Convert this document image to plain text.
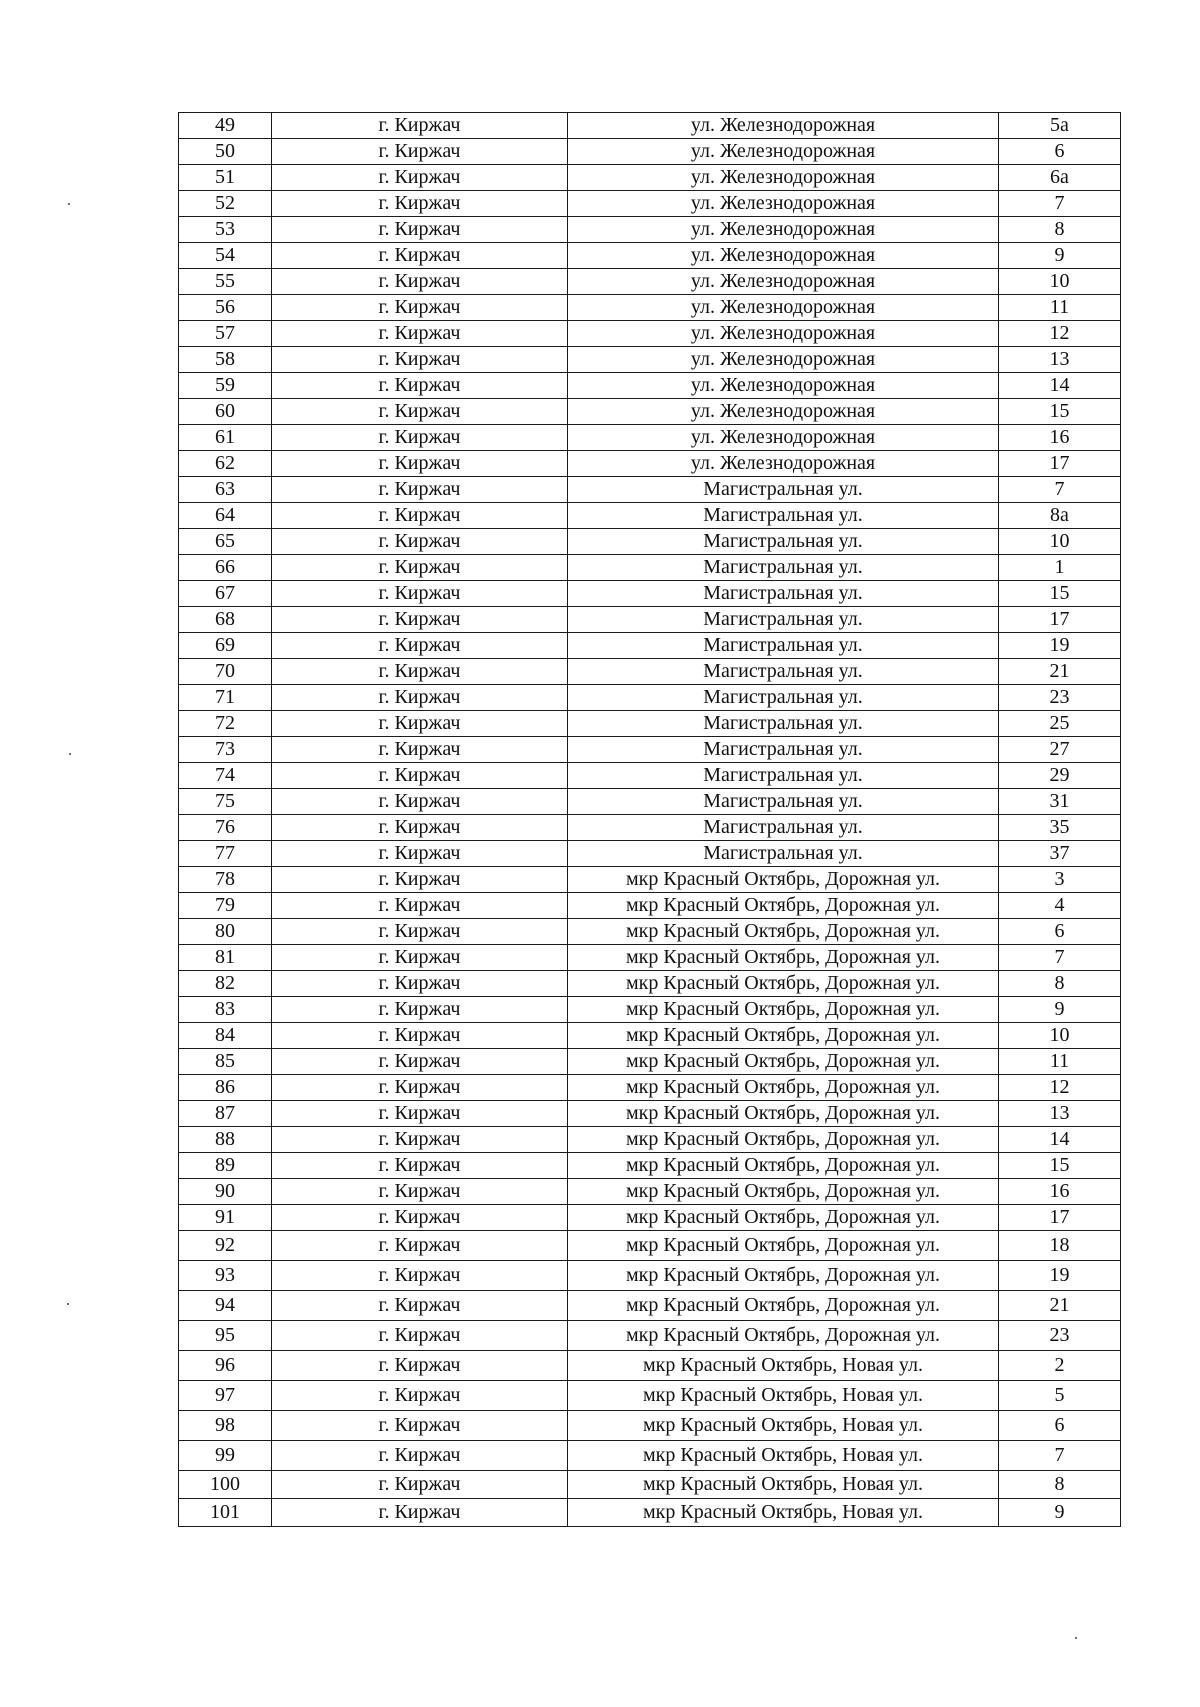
49	г. Киржач	ул. Железнодорожная	5а
50	г. Киржач	ул. Железнодорожная	6
51	г. Киржач	ул. Железнодорожная	6а
52	г. Киржач	ул. Железнодорожная	7
53	г. Киржач	ул. Железнодорожная	8
54	г. Киржач	ул. Железнодорожная	9
55	г. Киржач	ул. Железнодорожная	10
56	г. Киржач	ул. Железнодорожная	11
57	г. Киржач	ул. Железнодорожная	12
58	г. Киржач	ул. Железнодорожная	13
59	г. Киржач	ул. Железнодорожная	14
60	г. Киржач	ул. Железнодорожная	15
61	г. Киржач	ул. Железнодорожная	16
62	г. Киржач	ул. Железнодорожная	17
63	г. Киржач	Магистральная ул.	7
64	г. Киржач	Магистральная ул.	8а
65	г. Киржач	Магистральная ул.	10
66	г. Киржач	Магистральная ул.	1
67	г. Киржач	Магистральная ул.	15
68	г. Киржач	Магистральная ул.	17
69	г. Киржач	Магистральная ул.	19
70	г. Киржач	Магистральная ул.	21
71	г. Киржач	Магистральная ул.	23
72	г. Киржач	Магистральная ул.	25
73	г. Киржач	Магистральная ул.	27
74	г. Киржач	Магистральная ул.	29
75	г. Киржач	Магистральная ул.	31
76	г. Киржач	Магистральная ул.	35
77	г. Киржач	Магистральная ул.	37
78	г. Киржач	мкр Красный Октябрь, Дорожная ул.	3
79	г. Киржач	мкр Красный Октябрь, Дорожная ул.	4
80	г. Киржач	мкр Красный Октябрь, Дорожная ул.	6
81	г. Киржач	мкр Красный Октябрь, Дорожная ул.	7
82	г. Киржач	мкр Красный Октябрь, Дорожная ул.	8
83	г. Киржач	мкр Красный Октябрь, Дорожная ул.	9
84	г. Киржач	мкр Красный Октябрь, Дорожная ул.	10
85	г. Киржач	мкр Красный Октябрь, Дорожная ул.	11
86	г. Киржач	мкр Красный Октябрь, Дорожная ул.	12
87	г. Киржач	мкр Красный Октябрь, Дорожная ул.	13
88	г. Киржач	мкр Красный Октябрь, Дорожная ул.	14
89	г. Киржач	мкр Красный Октябрь, Дорожная ул.	15
90	г. Киржач	мкр Красный Октябрь, Дорожная ул.	16
91	г. Киржач	мкр Красный Октябрь, Дорожная ул.	17
92	г. Киржач	мкр Красный Октябрь, Дорожная ул.	18
93	г. Киржач	мкр Красный Октябрь, Дорожная ул.	19
94	г. Киржач	мкр Красный Октябрь, Дорожная ул.	21
95	г. Киржач	мкр Красный Октябрь, Дорожная ул.	23
96	г. Киржач	мкр Красный Октябрь, Новая ул.	2
97	г. Киржач	мкр Красный Октябрь, Новая ул.	5
98	г. Киржач	мкр Красный Октябрь, Новая ул.	6
99	г. Киржач	мкр Красный Октябрь, Новая ул.	7
100	г. Киржач	мкр Красный Октябрь, Новая ул.	8
101	г. Киржач	мкр Красный Октябрь, Новая ул.	9
